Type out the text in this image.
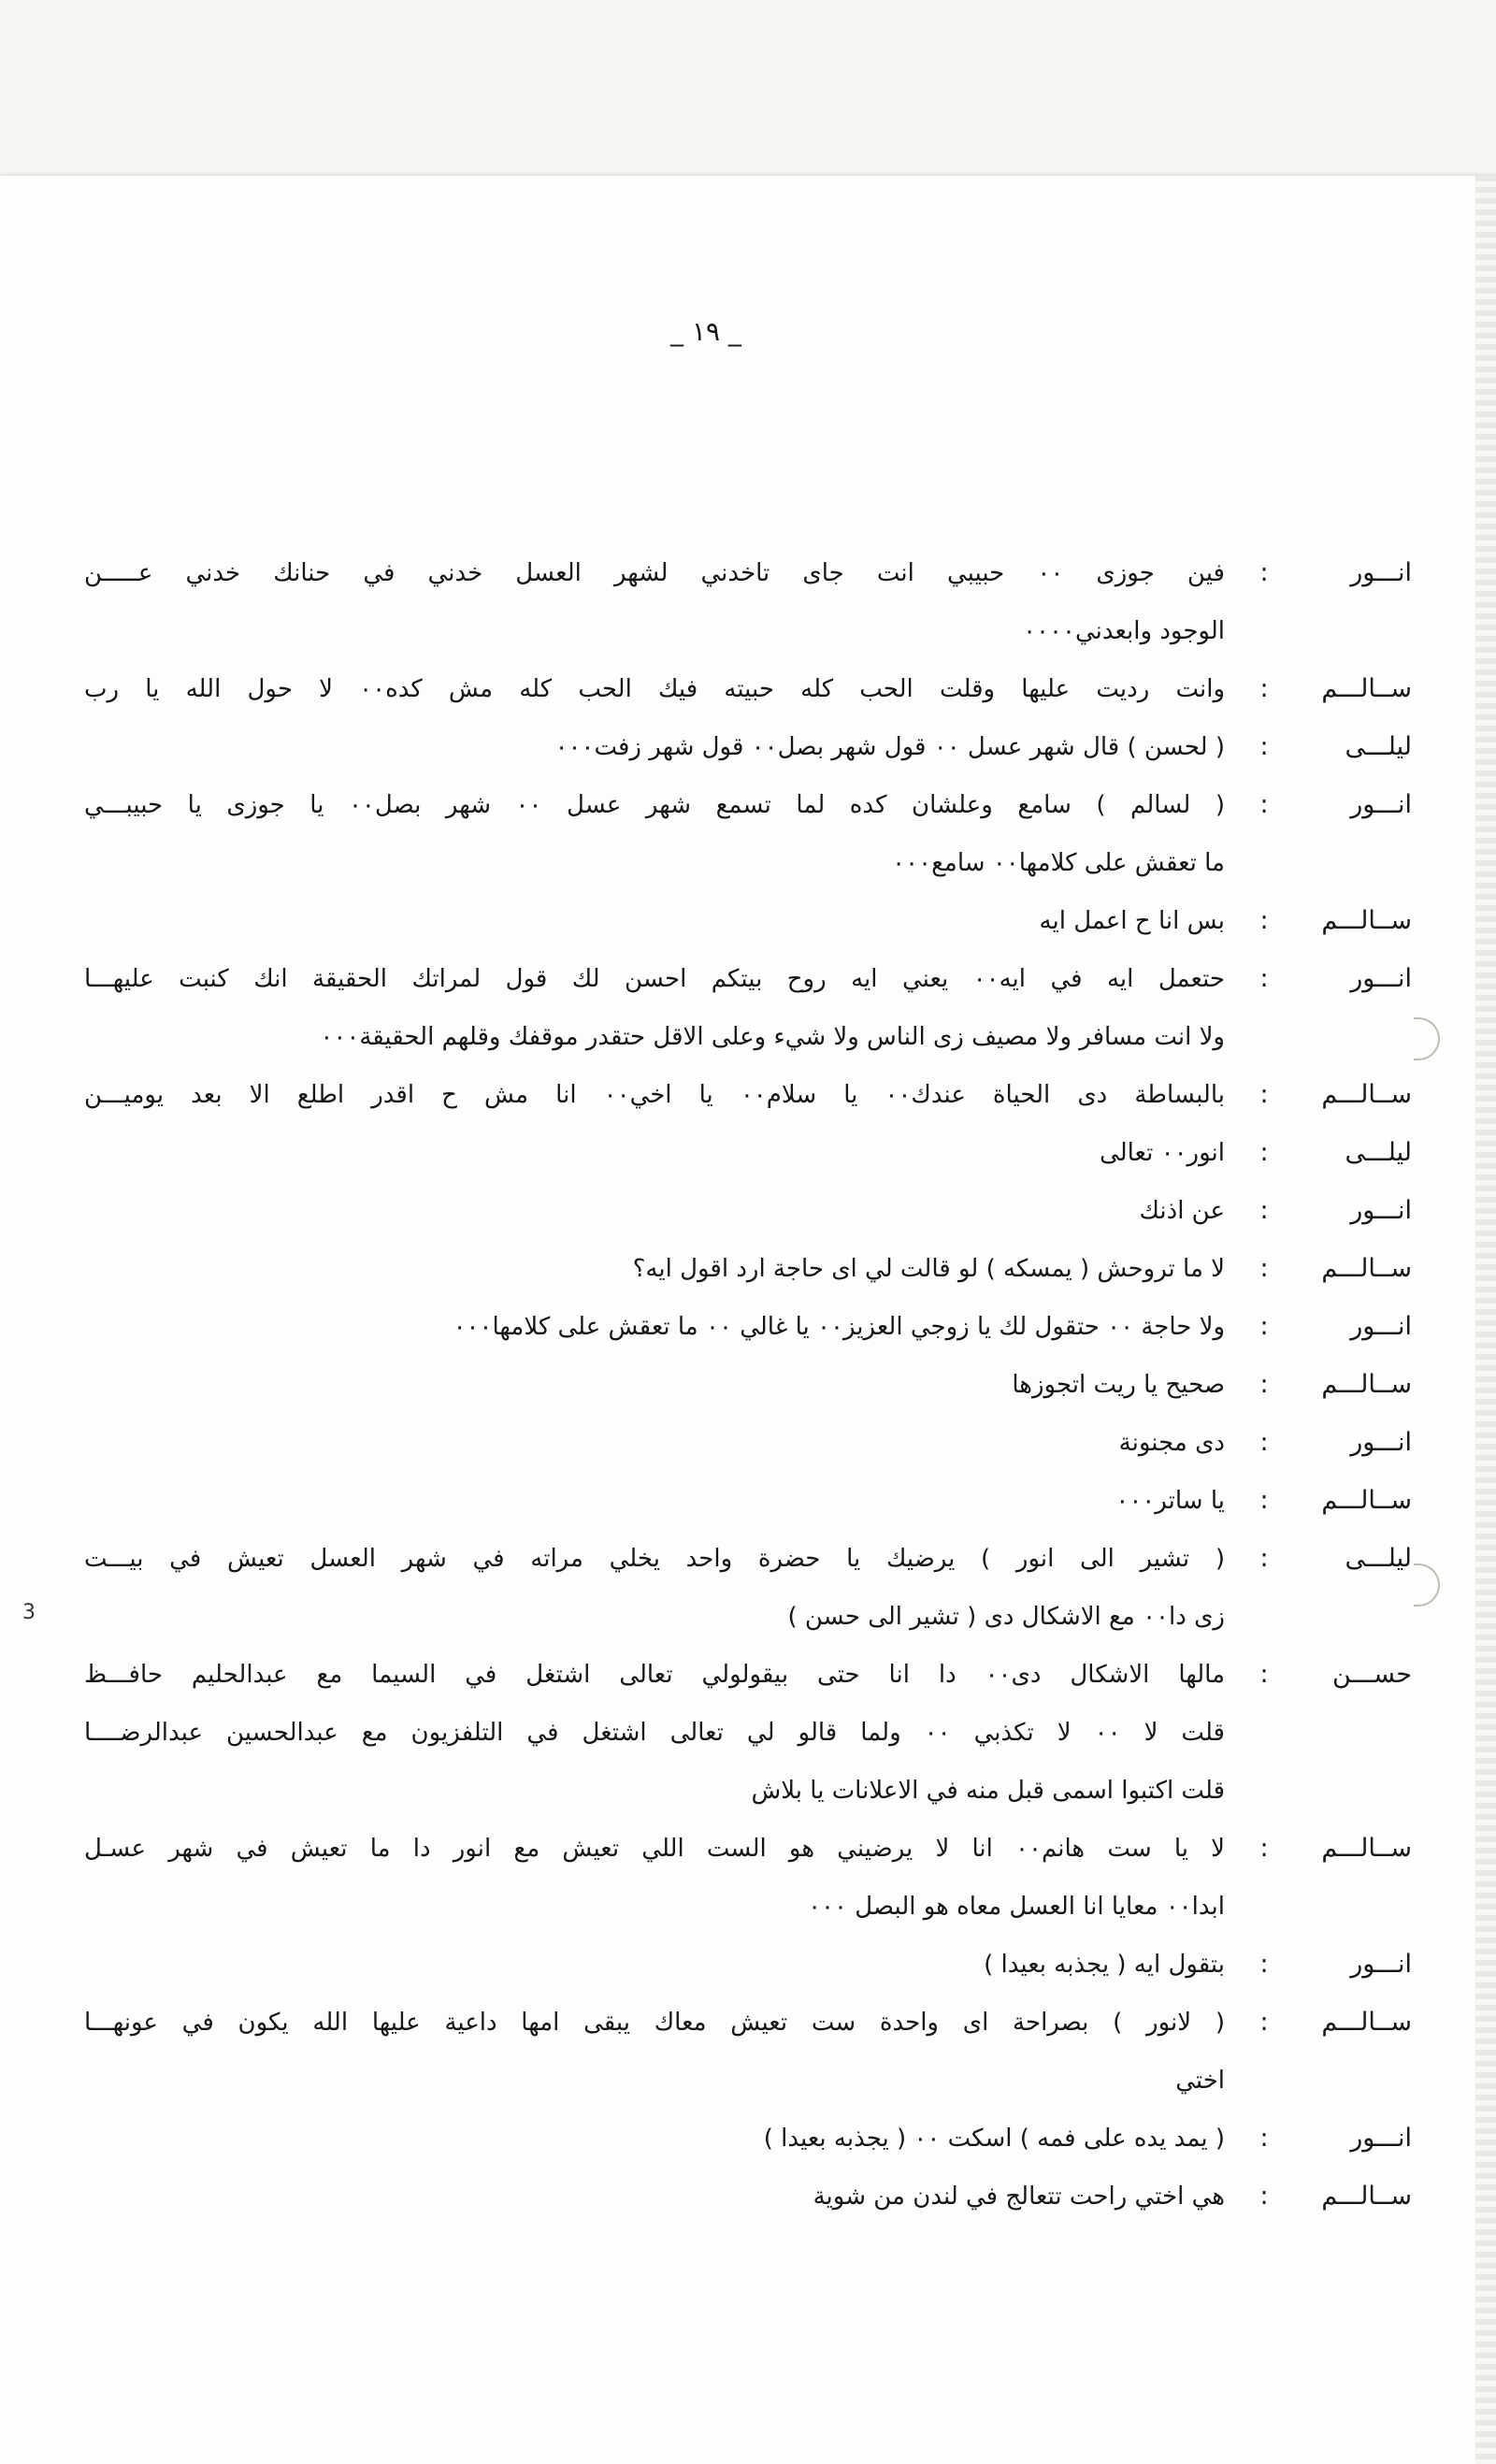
3
_ ١٩ _
انـــور
:
فين جوزى ٠٠ حبيبي انت جاى تاخدني لشهر العسل خدني في حنانك خدني عـــــن
الوجود وابعدني٠٠٠٠
ســالـــم
:
وانت رديت عليها وقلت الحب كله حبيته فيك الحب كله مش كده٠٠ لا حول الله يا رب
ليلـــى
:
( لحسن ) قال شهر عسل ٠٠ قول شهر بصل٠٠ قول شهر زفت٠٠٠
انـــور
:
( لسالم ) سامع وعلشان كده لما تسمع شهر عسل ٠٠ شهر بصل٠٠ يا جوزى يا حبيبـــي
ما تعقش على كلامها٠٠ سامع٠٠٠
ســالـــم
:
بس انا ح اعمل ايه
انـــور
:
حتعمل ايه في ايه٠٠ يعني ايه روح بيتكم احسن لك قول لمراتك الحقيقة انك كنبت عليهـــا
ولا انت مسافر ولا مصيف زى الناس ولا شيء وعلى الاقل حتقدر موقفك وقلهم الحقيقة٠٠٠
ســالـــم
:
بالبساطة دى الحياة عندك٠٠ يا سلام٠٠ يا اخي٠٠ انا مش ح اقدر اطلع الا بعد يوميـــن
ليلـــى
:
انور٠٠ تعالى
انـــور
:
عن اذنك
ســالـــم
:
لا ما تروحش ( يمسكه ) لو قالت لي اى حاجة ارد اقول ايه؟
انـــور
:
ولا حاجة ٠٠ حتقول لك يا زوجي العزيز٠٠ يا غالي ٠٠ ما تعقش على كلامها٠٠٠
ســالـــم
:
صحيح يا ريت اتجوزها
انـــور
:
دى مجنونة
ســالـــم
:
يا ساتر٠٠٠
ليلـــى
:
( تشير الى انور ) يرضيك يا حضرة واحد يخلي مراته في شهر العسل تعيش في بيـــت
زى دا٠٠ مع الاشكال دى ( تشير الى حسن )
حســـن
:
مالها الاشكال دى٠٠ دا انا حتى بيقولولي تعالى اشتغل في السيما مع عبدالحليم حافـــظ
قلت لا ٠٠ لا تكذبي ٠٠ ولما قالو لي تعالى اشتغل في التلفزيون مع عبدالحسين عبدالرضــــا
قلت اكتبوا اسمى قبل منه في الاعلانات يا بلاش
ســالـــم
:
لا يا ست هانم٠٠ انا لا يرضيني هو الست اللي تعيش مع انور دا ما تعيش في شهر عسـل
ابدا٠٠ معايا انا العسل معاه هو البصل ٠٠٠
انـــور
:
بتقول ايه ( يجذبه بعيدا )
ســالـــم
:
( لانور ) بصراحة اى واحدة ست تعيش معاك يبقى امها داعية عليها الله يكون في عونهـــا
اختي
انـــور
:
( يمد يده على فمه ) اسكت ٠٠ ( يجذبه بعيدا )
ســالـــم
:
هي اختي راحت تتعالج في لندن من شوية
